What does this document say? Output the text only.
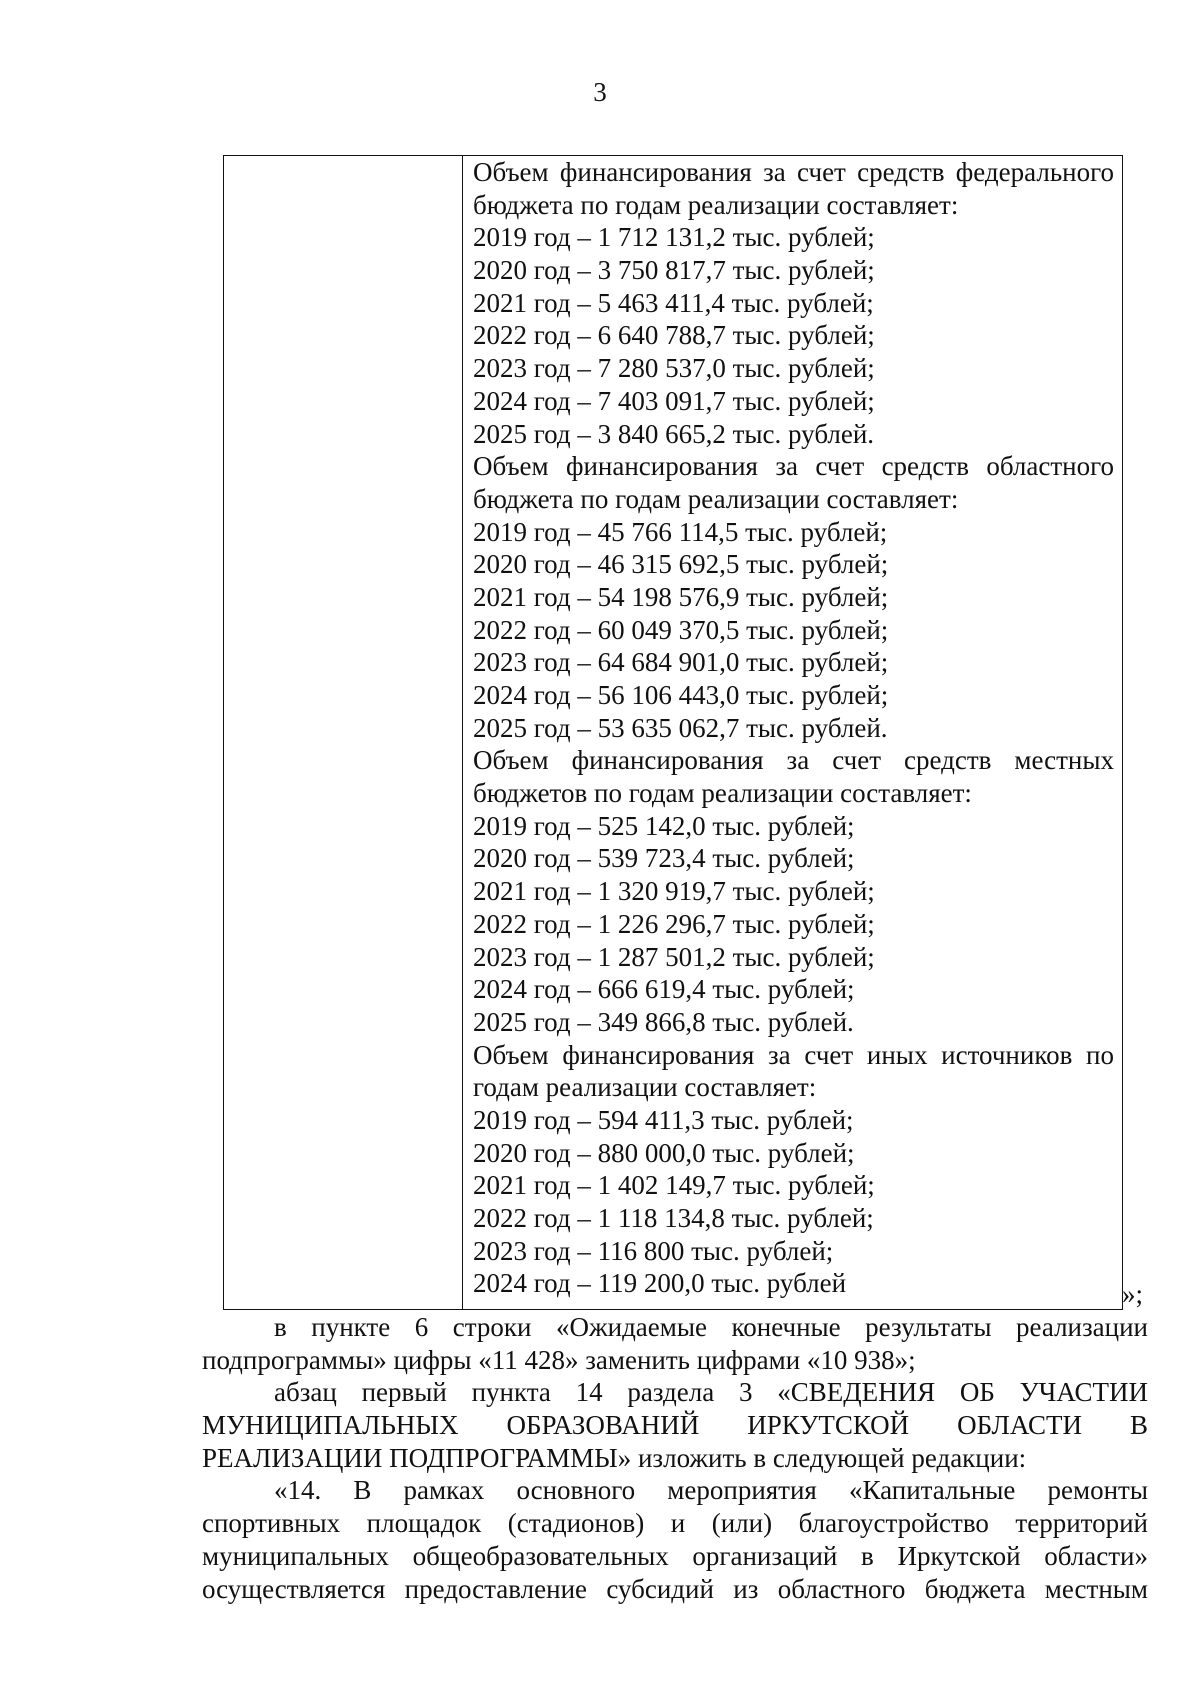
3
Объем финансирования за счет средств федерального
бюджета по годам реализации составляет:
2019 год – 1 712 131,2 тыс. рублей;
2020 год – 3 750 817,7 тыс. рублей;
2021 год – 5 463 411,4 тыс. рублей;
2022 год – 6 640 788,7 тыс. рублей;
2023 год – 7 280 537,0 тыс. рублей;
2024 год – 7 403 091,7 тыс. рублей;
2025 год – 3 840 665,2 тыс. рублей.
Объем финансирования за счет средств областного
бюджета по годам реализации составляет:
2019 год – 45 766 114,5 тыс. рублей;
2020 год – 46 315 692,5 тыс. рублей;
2021 год – 54 198 576,9 тыс. рублей;
2022 год – 60 049 370,5 тыс. рублей;
2023 год – 64 684 901,0 тыс. рублей;
2024 год – 56 106 443,0 тыс. рублей;
2025 год – 53 635 062,7 тыс. рублей.
Объем финансирования за счет средств местных
бюджетов по годам реализации составляет:
2019 год – 525 142,0 тыс. рублей;
2020 год – 539 723,4 тыс. рублей;
2021 год – 1 320 919,7 тыс. рублей;
2022 год – 1 226 296,7 тыс. рублей;
2023 год – 1 287 501,2 тыс. рублей;
2024 год – 666 619,4 тыс. рублей;
2025 год – 349 866,8 тыс. рублей.
Объем финансирования за счет иных источников по
годам реализации составляет:
2019 год – 594 411,3 тыс. рублей;
2020 год – 880 000,0 тыс. рублей;
2021 год – 1 402 149,7 тыс. рублей;
2022 год – 1 118 134,8 тыс. рублей;
2023 год – 116 800 тыс. рублей;
2024 год – 119 200,0 тыс. рублей	»;
в пункте 6 строки «Ожидаемые конечные результаты реализации
подпрограммы» цифры «11 428» заменить цифрами «10 938»;
абзац первый пункта 14 раздела 3 «СВЕДЕНИЯ ОБ УЧАСТИИ
МУНИЦИПАЛЬНЫХ ОБРАЗОВАНИЙ ИРКУТСКОЙ ОБЛАСТИ В
РЕАЛИЗАЦИИ ПОДПРОГРАММЫ» изложить в следующей редакции:
«14. В рамках основного мероприятия «Капитальные ремонты
спортивных площадок (стадионов) и (или) благоустройство территорий
муниципальных общеобразовательных организаций в Иркутской области»
осуществляется предоставление субсидий из областного бюджета местным
